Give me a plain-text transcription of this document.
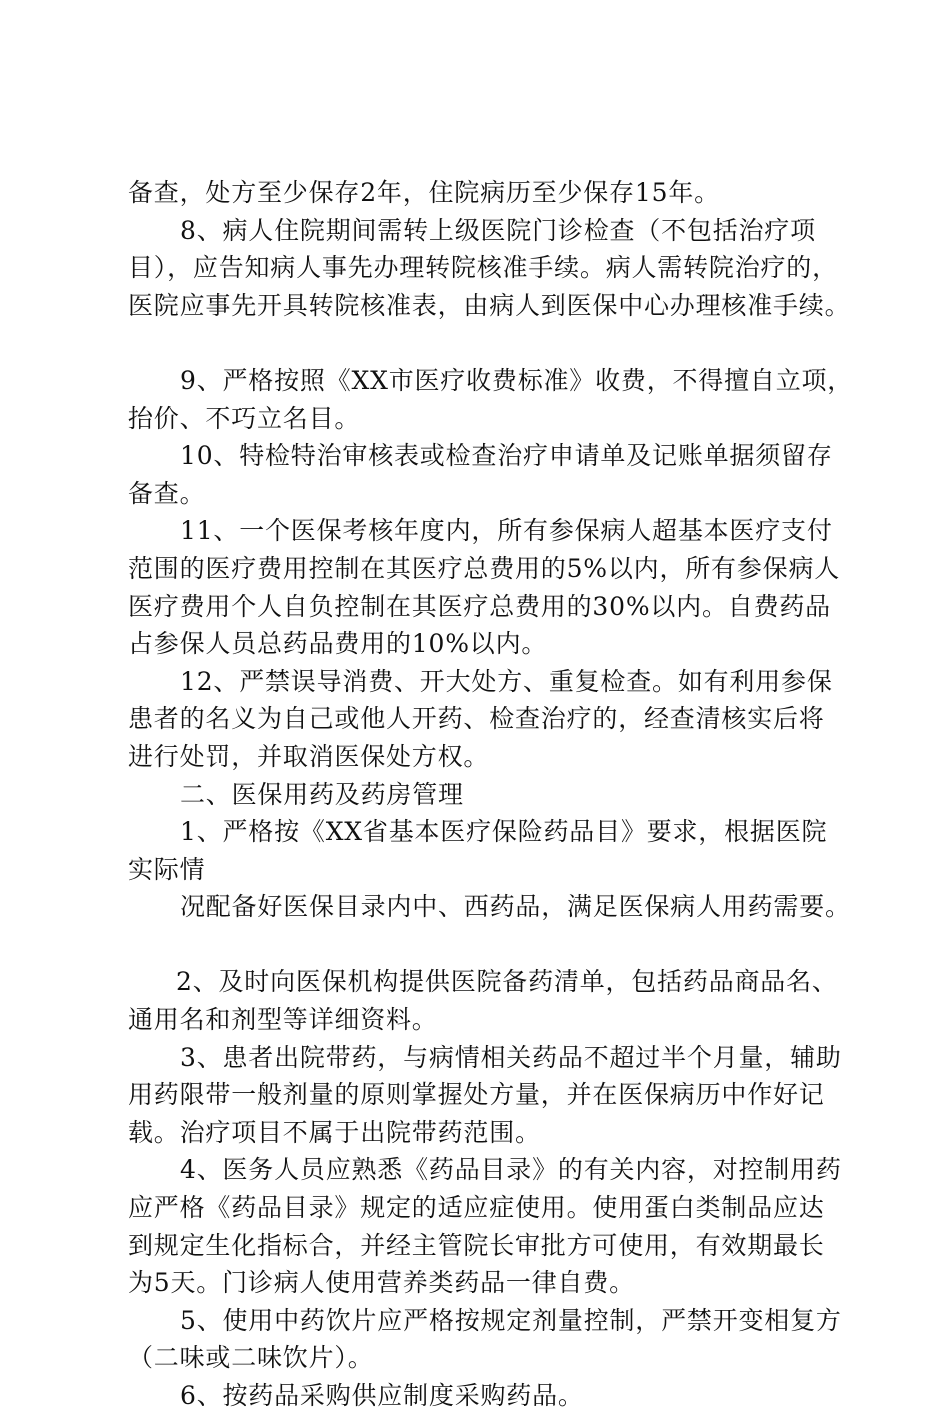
备查，处方至少保存2年，住院病历至少保存15年。
8、病人住院期间需转上级医院门诊检查（不包括治疗项
目），应告知病人事先办理转院核准手续。病人需转院治疗的，
医院应事先开具转院核准表，由病人到医保中心办理核准手续。
9、严格按照《XX市医疗收费标准》收费，不得擅自立项，
抬价、不巧立名目。
10、特检特治审核表或检查治疗申请单及记账单据须留存
备查。
11、一个医保考核年度内，所有参保病人超基本医疗支付
范围的医疗费用控制在其医疗总费用的5%以内，所有参保病人
医疗费用个人自负控制在其医疗总费用的30%以内。自费药品
占参保人员总药品费用的10%以内。
12、严禁误导消费、开大处方、重复检查。如有利用参保
患者的名义为自己或他人开药、检查治疗的，经查清核实后将
进行处罚，并取消医保处方权。
二、医保用药及药房管理
1、严格按《XX省基本医疗保险药品目》要求，根据医院
实际情
况配备好医保目录内中、西药品，满足医保病人用药需要。
2、及时向医保机构提供医院备药清单，包括药品商品名、
通用名和剂型等详细资料。
3、患者出院带药，与病情相关药品不超过半个月量，辅助
用药限带一般剂量的原则掌握处方量，并在医保病历中作好记
载。治疗项目不属于出院带药范围。
4、医务人员应熟悉《药品目录》的有关内容，对控制用药
应严格《药品目录》规定的适应症使用。使用蛋白类制品应达
到规定生化指标合，并经主管院长审批方可使用，有效期最长
为5天。门诊病人使用营养类药品一律自费。
5、使用中药饮片应严格按规定剂量控制，严禁开变相复方
（二味或二味饮片）。
6、按药品采购供应制度采购药品。
